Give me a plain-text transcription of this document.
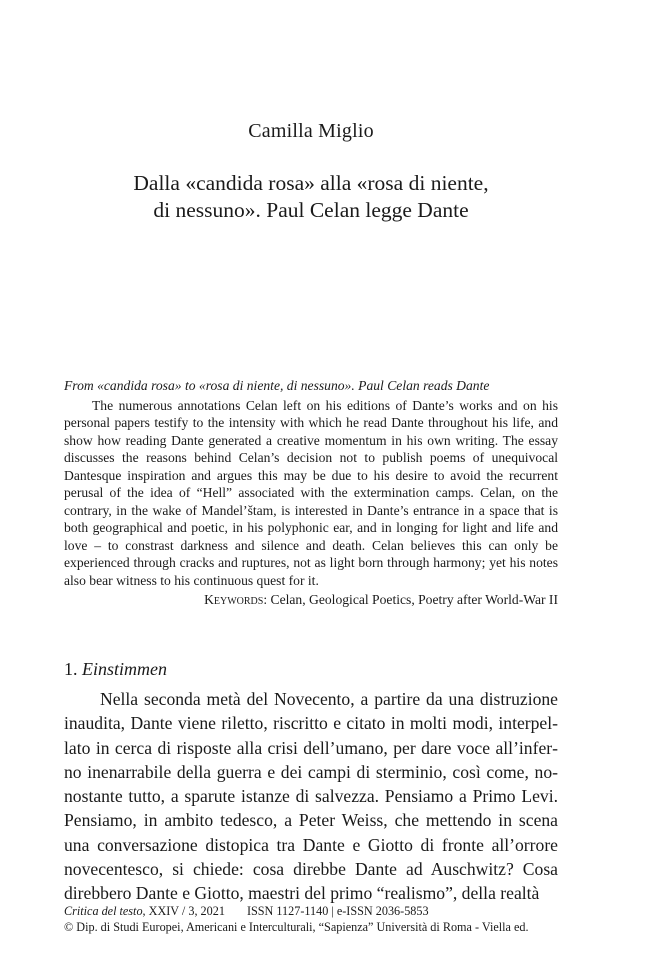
Camilla Miglio
Dalla «candida rosa» alla «rosa di niente,
di nessuno». Paul Celan legge Dante

From «candida rosa» to «rosa di niente, di nessuno». Paul Celan reads Dante

The numerous annotations Celan left on his editions of Dante’s works and on his personal papers testify to the intensity with which he read Dante throughout his life, and show how reading Dante generated a creative momentum in his own writing. The essay discusses the reasons behind Celan’s decision not to publish poems of unequivocal Dantesque inspiration and argues this may be due to his desire to avoid the recurrent perusal of the idea of “Hell” associated with the extermination camps. Celan, on the contrary, in the wake of Mandel’štam, is interested in Dante’s entrance in a space that is both geographical and poetic, in his polyphonic ear, and in longing for light and life and love – to constrast darkness and silence and death. Celan believes this can only be experienced through cracks and ruptures, not as light born through harmony; yet his notes also bear witness to his continuous quest for it.

Keywords: Celan, Geological Poetics, Poetry after World-War II

1. Einstimmen

Nella seconda metà del Novecento, a partire da una distruzione inaudita, Dante viene riletto, riscritto e citato in molti modi, interpellato in cerca di risposte alla crisi dell’umano, per dare voce all’inferno inenarrabile della guerra e dei campi di sterminio, così come, nonostante tutto, a sparute istanze di salvezza. Pensiamo a Primo Levi. Pensiamo, in ambito tedesco, a Peter Weiss, che mettendo in scena una conversazione distopica tra Dante e Giotto di fronte all’orrore novecentesco, si chiede: cosa direbbe Dante ad Auschwitz? Cosa direbbero Dante e Giotto, maestri del primo “realismo”, della realtà

Critica del testo, XXIV / 3, 2021 ISSN 1127-1140 | e-ISSN 2036-5853
© Dip. di Studi Europei, Americani e Interculturali, “Sapienza” Università di Roma - Viella ed.
